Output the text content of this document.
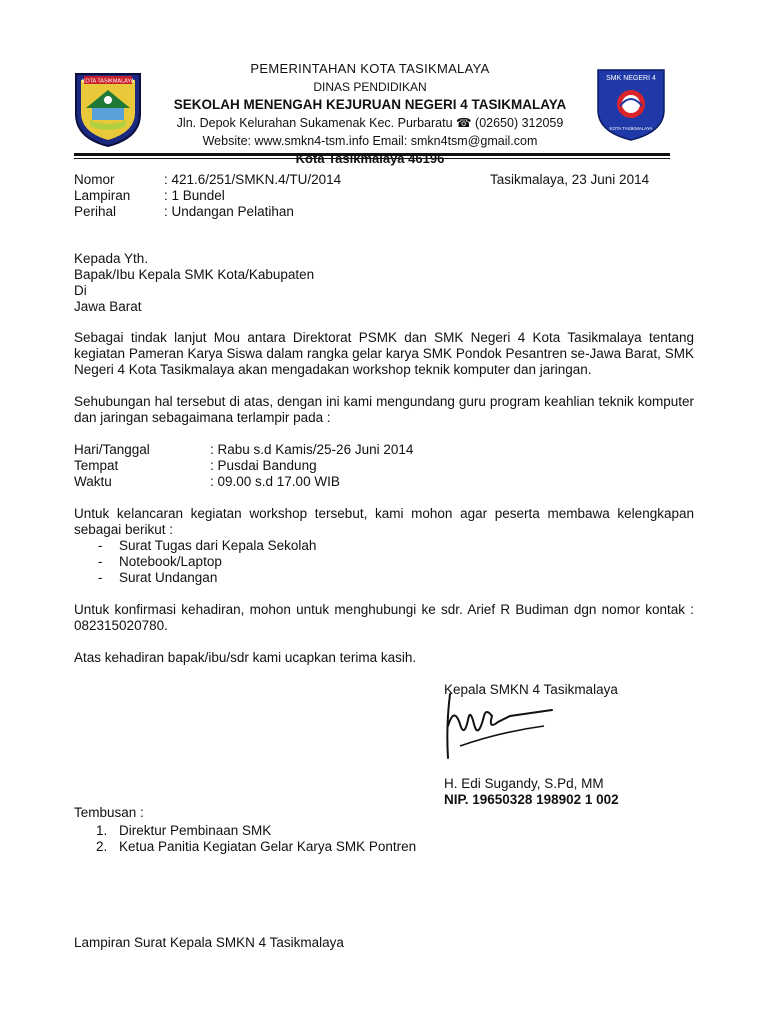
KOTA TASIKMALAYA
PEMERINTAHAN KOTA TASIKMALAYA
DINAS PENDIDIKAN
SEKOLAH MENENGAH KEJURUAN NEGERI 4 TASIKMALAYA
Jln. Depok Kelurahan Sukamenak Kec. Purbaratu ☎ (02650) 312059
Website: www.smkn4-tsm.info Email: smkn4tsm@gmail.com
Kota Tasikmalaya 46196
SMK NEGERI 4
KOTA TASIKMALAYA
Nomor	: 421.6/251/SMKN.4/TU/2014	Tasikmalaya, 23 Juni 2014
Lampiran : 1 Bundel
Perihal	: Undangan Pelatihan
Kepada Yth.
Bapak/Ibu Kepala SMK Kota/Kabupaten
Di
Jawa Barat
Sebagai tindak lanjut Mou antara Direktorat PSMK dan SMK Negeri 4 Kota Tasikmalaya tentang kegiatan Pameran Karya Siswa dalam rangka gelar karya SMK Pondok Pesantren se-Jawa Barat, SMK Negeri 4 Kota Tasikmalaya akan mengadakan workshop teknik komputer dan jaringan.
Sehubungan hal tersebut di atas, dengan ini kami mengundang guru program keahlian teknik komputer dan jaringan sebagaimana terlampir pada :
Hari/Tanggal	: Rabu s.d Kamis/25-26 Juni 2014
Tempat	: Pusdai Bandung
Waktu	: 09.00 s.d 17.00 WIB
Untuk kelancaran kegiatan workshop tersebut, kami mohon agar peserta membawa kelengkapan sebagai berikut :
- Surat Tugas dari Kepala Sekolah
- Notebook/Laptop
- Surat Undangan
Untuk konfirmasi kehadiran, mohon untuk menghubungi ke sdr. Arief R Budiman dgn nomor kontak : 082315020780.
Atas kehadiran bapak/ibu/sdr kami ucapkan terima kasih.
Kepala SMKN 4 Tasikmalaya
H. Edi Sugandy, S.Pd, MM
NIP. 19650328 198902 1 002
Tembusan :
1. Direktur Pembinaan SMK
2. Ketua Panitia Kegiatan Gelar Karya SMK Pontren
Lampiran Surat Kepala SMKN 4 Tasikmalaya
